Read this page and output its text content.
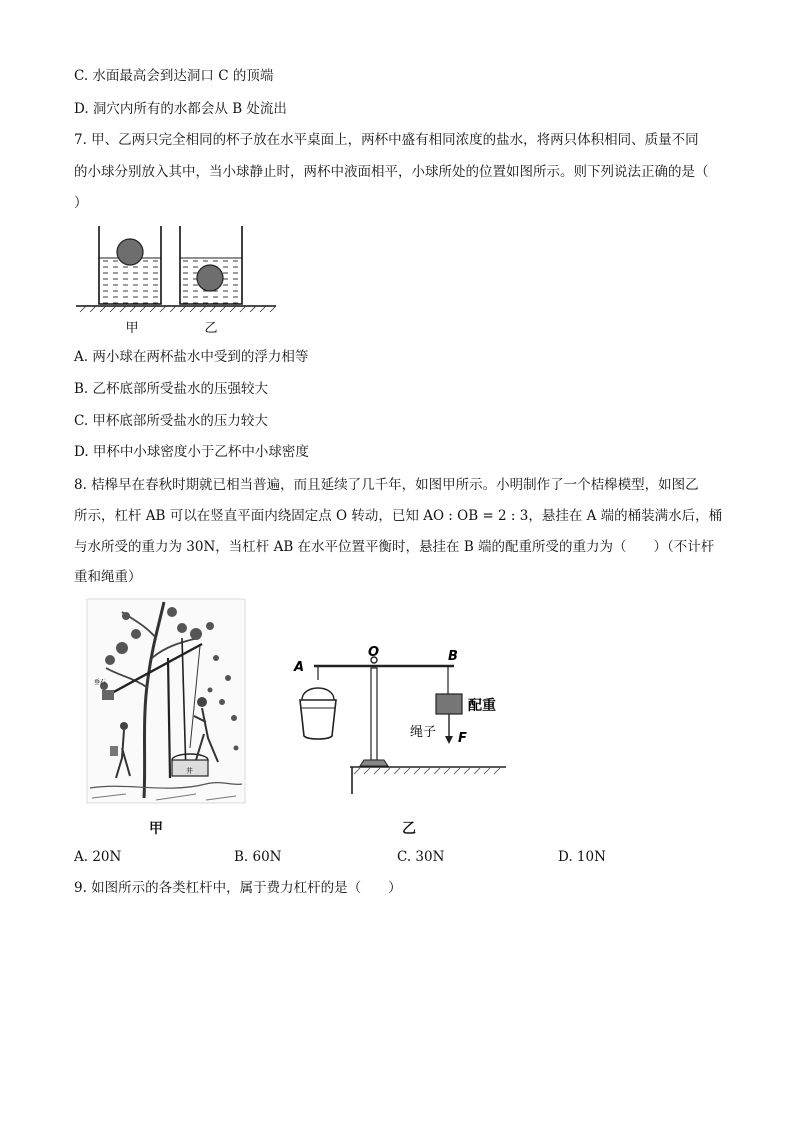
C. 水面最高会到达洞口 C 的顶端
D. 洞穴内所有的水都会从 B 处流出
7. 甲、乙两只完全相同的杯子放在水平桌面上，两杯中盛有相同浓度的盐水，将两只体积相同、质量不同
的小球分别放入其中，当小球静止时，两杯中液面相平，小球所处的位置如图所示。则下列说法正确的是（
）
甲	乙
A. 两小球在两杯盐水中受到的浮力相等
B. 乙杯底部所受盐水的压强较大
C. 甲杯底部所受盐水的压力较大
D. 甲杯中小球密度小于乙杯中小球密度
8. 桔槔早在春秋时期就已相当普遍，而且延续了几千年，如图甲所示。小明制作了一个桔槔模型，如图乙
所示，杠杆 AB 可以在竖直平面内绕固定点 O 转动，已知 AO : OB = 2 : 3，悬挂在 A 端的桶装满水后，桶
与水所受的重力为 30N，当杠杆 AB 在水平位置平衡时，悬挂在 B 端的配重所受的重力为（　　）（不计杆
重和绳重）
垂石
井
甲
A
O	B
配重
绳子 F
乙
A. 20N	B. 60N	C. 30N	D. 10N
9. 如图所示的各类杠杆中，属于费力杠杆的是（　　）
